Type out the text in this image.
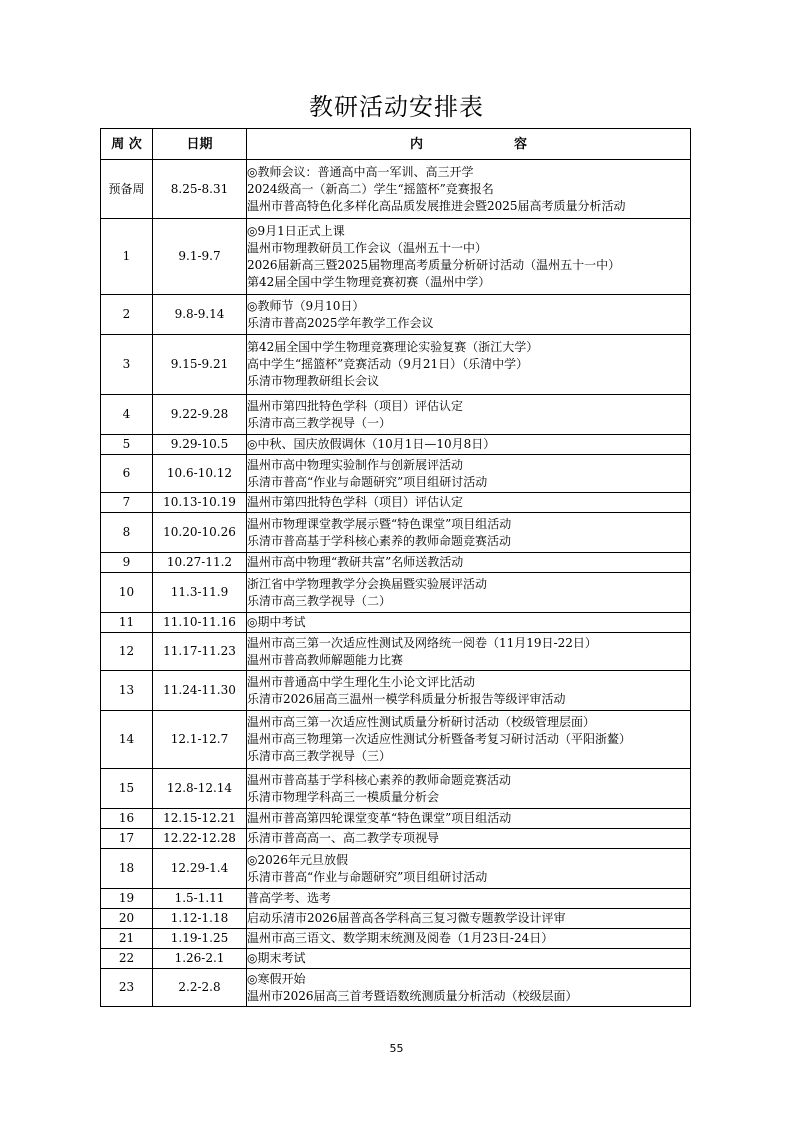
教研活动安排表
周 次	日期	内　　　　　　　容
预备周	8.25-8.31	◎教师会议：普通高中高一军训、高三开学
2024级高一（新高二）学生“摇篮杯”竞赛报名
温州市普高特色化多样化高品质发展推进会暨2025届高考质量分析活动

1	9.1-9.7	◎9月1日正式上课
温州市物理教研员工作会议（温州五十一中）
2026届新高三暨2025届物理高考质量分析研讨活动（温州五十一中）
第42届全国中学生物理竞赛初赛（温州中学）

2	9.8-9.14	◎教师节（9月10日）
乐清市普高2025学年教学工作会议

3	9.15-9.21	第42届全国中学生物理竞赛理论实验复赛（浙江大学）
高中学生“摇篮杯”竞赛活动（9月21日）（乐清中学）
乐清市物理教研组长会议

4	9.22-9.28	温州市第四批特色学科（项目）评估认定
乐清市高三教学视导（一）

5	9.29-10.5	◎中秋、国庆放假调休（10月1日—10月8日）

6	10.6-10.12	温州市高中物理实验制作与创新展评活动
乐清市普高“作业与命题研究”项目组研讨活动

7	10.13-10.19	温州市第四批特色学科（项目）评估认定

8	10.20-10.26	温州市物理课堂教学展示暨“特色课堂”项目组活动
乐清市普高基于学科核心素养的教师命题竞赛活动

9	10.27-11.2	温州市高中物理“教研共富”名师送教活动

10	11.3-11.9	浙江省中学物理教学分会换届暨实验展评活动
乐清市高三教学视导（二）

11	11.10-11.16	◎期中考试

12	11.17-11.23	温州市高三第一次适应性测试及网络统一阅卷（11月19日-22日）
温州市普高教师解题能力比赛

13	11.24-11.30	温州市普通高中学生理化生小论文评比活动
乐清市2026届高三温州一模学科质量分析报告等级评审活动

14	12.1-12.7	温州市高三第一次适应性测试质量分析研讨活动（校级管理层面）
温州市高三物理第一次适应性测试分析暨备考复习研讨活动（平阳浙鳌）
乐清市高三教学视导（三）

15	12.8-12.14	温州市普高基于学科核心素养的教师命题竞赛活动
乐清市物理学科高三一模质量分析会

16	12.15-12.21	温州市普高第四轮课堂变革“特色课堂”项目组活动

17	12.22-12.28	乐清市普高高一、高二教学专项视导

18	12.29-1.4	◎2026年元旦放假
乐清市普高“作业与命题研究”项目组研讨活动

19	1.5-1.11	普高学考、选考

20	1.12-1.18	启动乐清市2026届普高各学科高三复习微专题教学设计评审

21	1.19-1.25	温州市高三语文、数学期末统测及阅卷（1月23日-24日）

22	1.26-2.1	◎期末考试

23	2.2-2.8	◎寒假开始
温州市2026届高三首考暨语数统测质量分析活动（校级层面）
55
